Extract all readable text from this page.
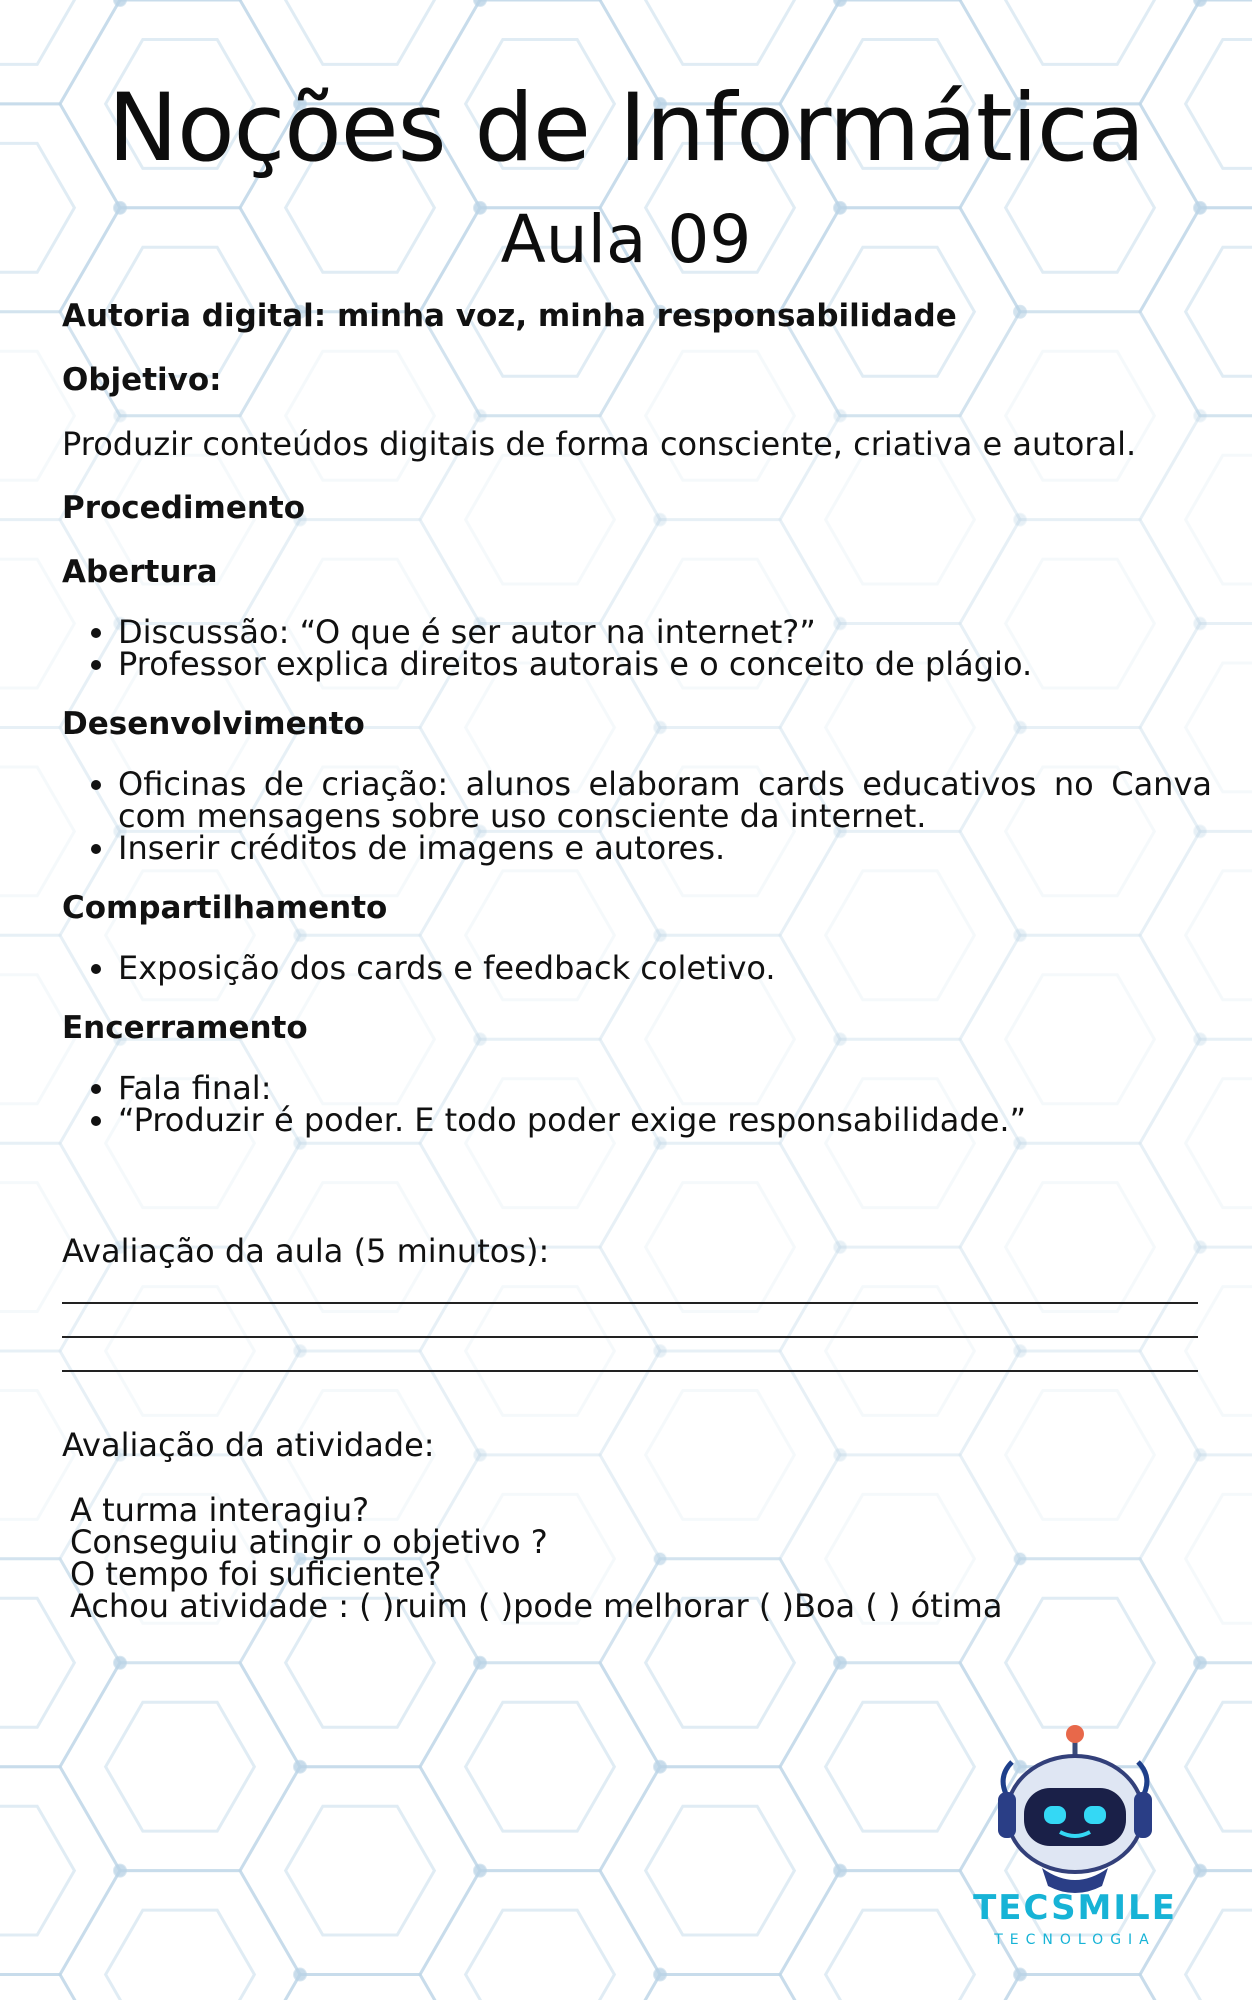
Noções de Informática
Aula 09
Autoria digital: minha voz, minha responsabilidade
Objetivo:
Produzir conteúdos digitais de forma consciente, criativa e autoral.
Procedimento
Abertura
• Discussão: “O que é ser autor na internet?”
• Professor explica direitos autorais e o conceito de plágio.
Desenvolvimento
• Oficinas de criação: alunos elaboram cards educativos no Canva com mensagens sobre uso consciente da internet.
• Inserir créditos de imagens e autores.
Compartilhamento
• Exposição dos cards e feedback coletivo.
Encerramento
• Fala final:
• “Produzir é poder. E todo poder exige responsabilidade.”
Avaliação da aula (5 minutos):
Avaliação da atividade:
A turma interagiu?
Conseguiu atingir o objetivo ?
O tempo foi suficiente?
Achou atividade : ( )ruim ( )pode melhorar ( )Boa ( ) ótima
TECSMILE
TECNOLOGIA
